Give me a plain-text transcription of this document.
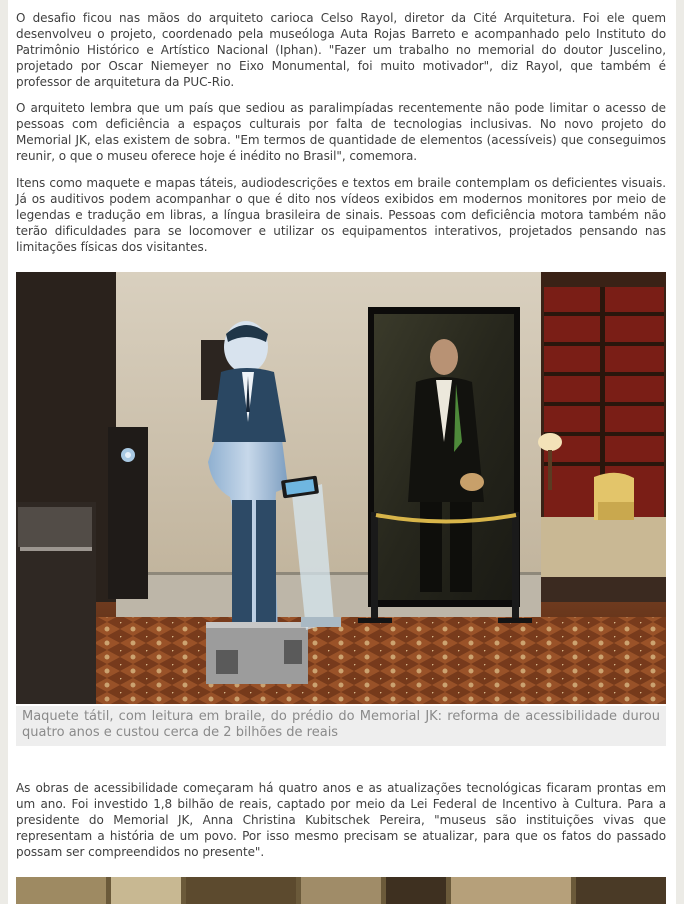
O desafio ficou nas mãos do arquiteto carioca Celso Rayol, diretor da Cité Arquitetura. Foi ele quem desenvolveu o projeto, coordenado pela museóloga Auta Rojas Barreto e acompanhado pelo Instituto do Patrimônio Histórico e Artístico Nacional (Iphan). "Fazer um trabalho no memorial do doutor Juscelino, projetado por Oscar Niemeyer no Eixo Monumental, foi muito motivador", diz Rayol, que também é professor de arquitetura da PUC-Rio.

O arquiteto lembra que um país que sediou as paralimpíadas recentemente não pode limitar o acesso de pessoas com deficiência a espaços culturais por falta de tecnologias inclusivas. No novo projeto do Memorial JK, elas existem de sobra. "Em termos de quantidade de elementos (acessíveis) que conseguimos reunir, o que o museu oferece hoje é inédito no Brasil", comemora.

Itens como maquete e mapas táteis, audiodescrições e textos em braile contemplam os deficientes visuais. Já os auditivos podem acompanhar o que é dito nos vídeos exibidos em modernos monitores por meio de legendas e tradução em libras, a língua brasileira de sinais. Pessoas com deficiência motora também não terão dificuldades para se locomover e utilizar os equipamentos interativos, projetados pensando nas limitações físicas dos visitantes.

Maquete tátil, com leitura em braile, do prédio do Memorial JK: reforma de acessibilidade durou quatro anos e custou cerca de 2 bilhões de reais

As obras de acessibilidade começaram há quatro anos e as atualizações tecnológicas ficaram prontas em um ano. Foi investido 1,8 bilhão de reais, captado por meio da Lei Federal de Incentivo à Cultura. Para a presidente do Memorial JK, Anna Christina Kubitschek Pereira, "museus são instituições vivas que representam a história de um povo. Por isso mesmo precisam se atualizar, para que os fatos do passado possam ser compreendidos no presente".
